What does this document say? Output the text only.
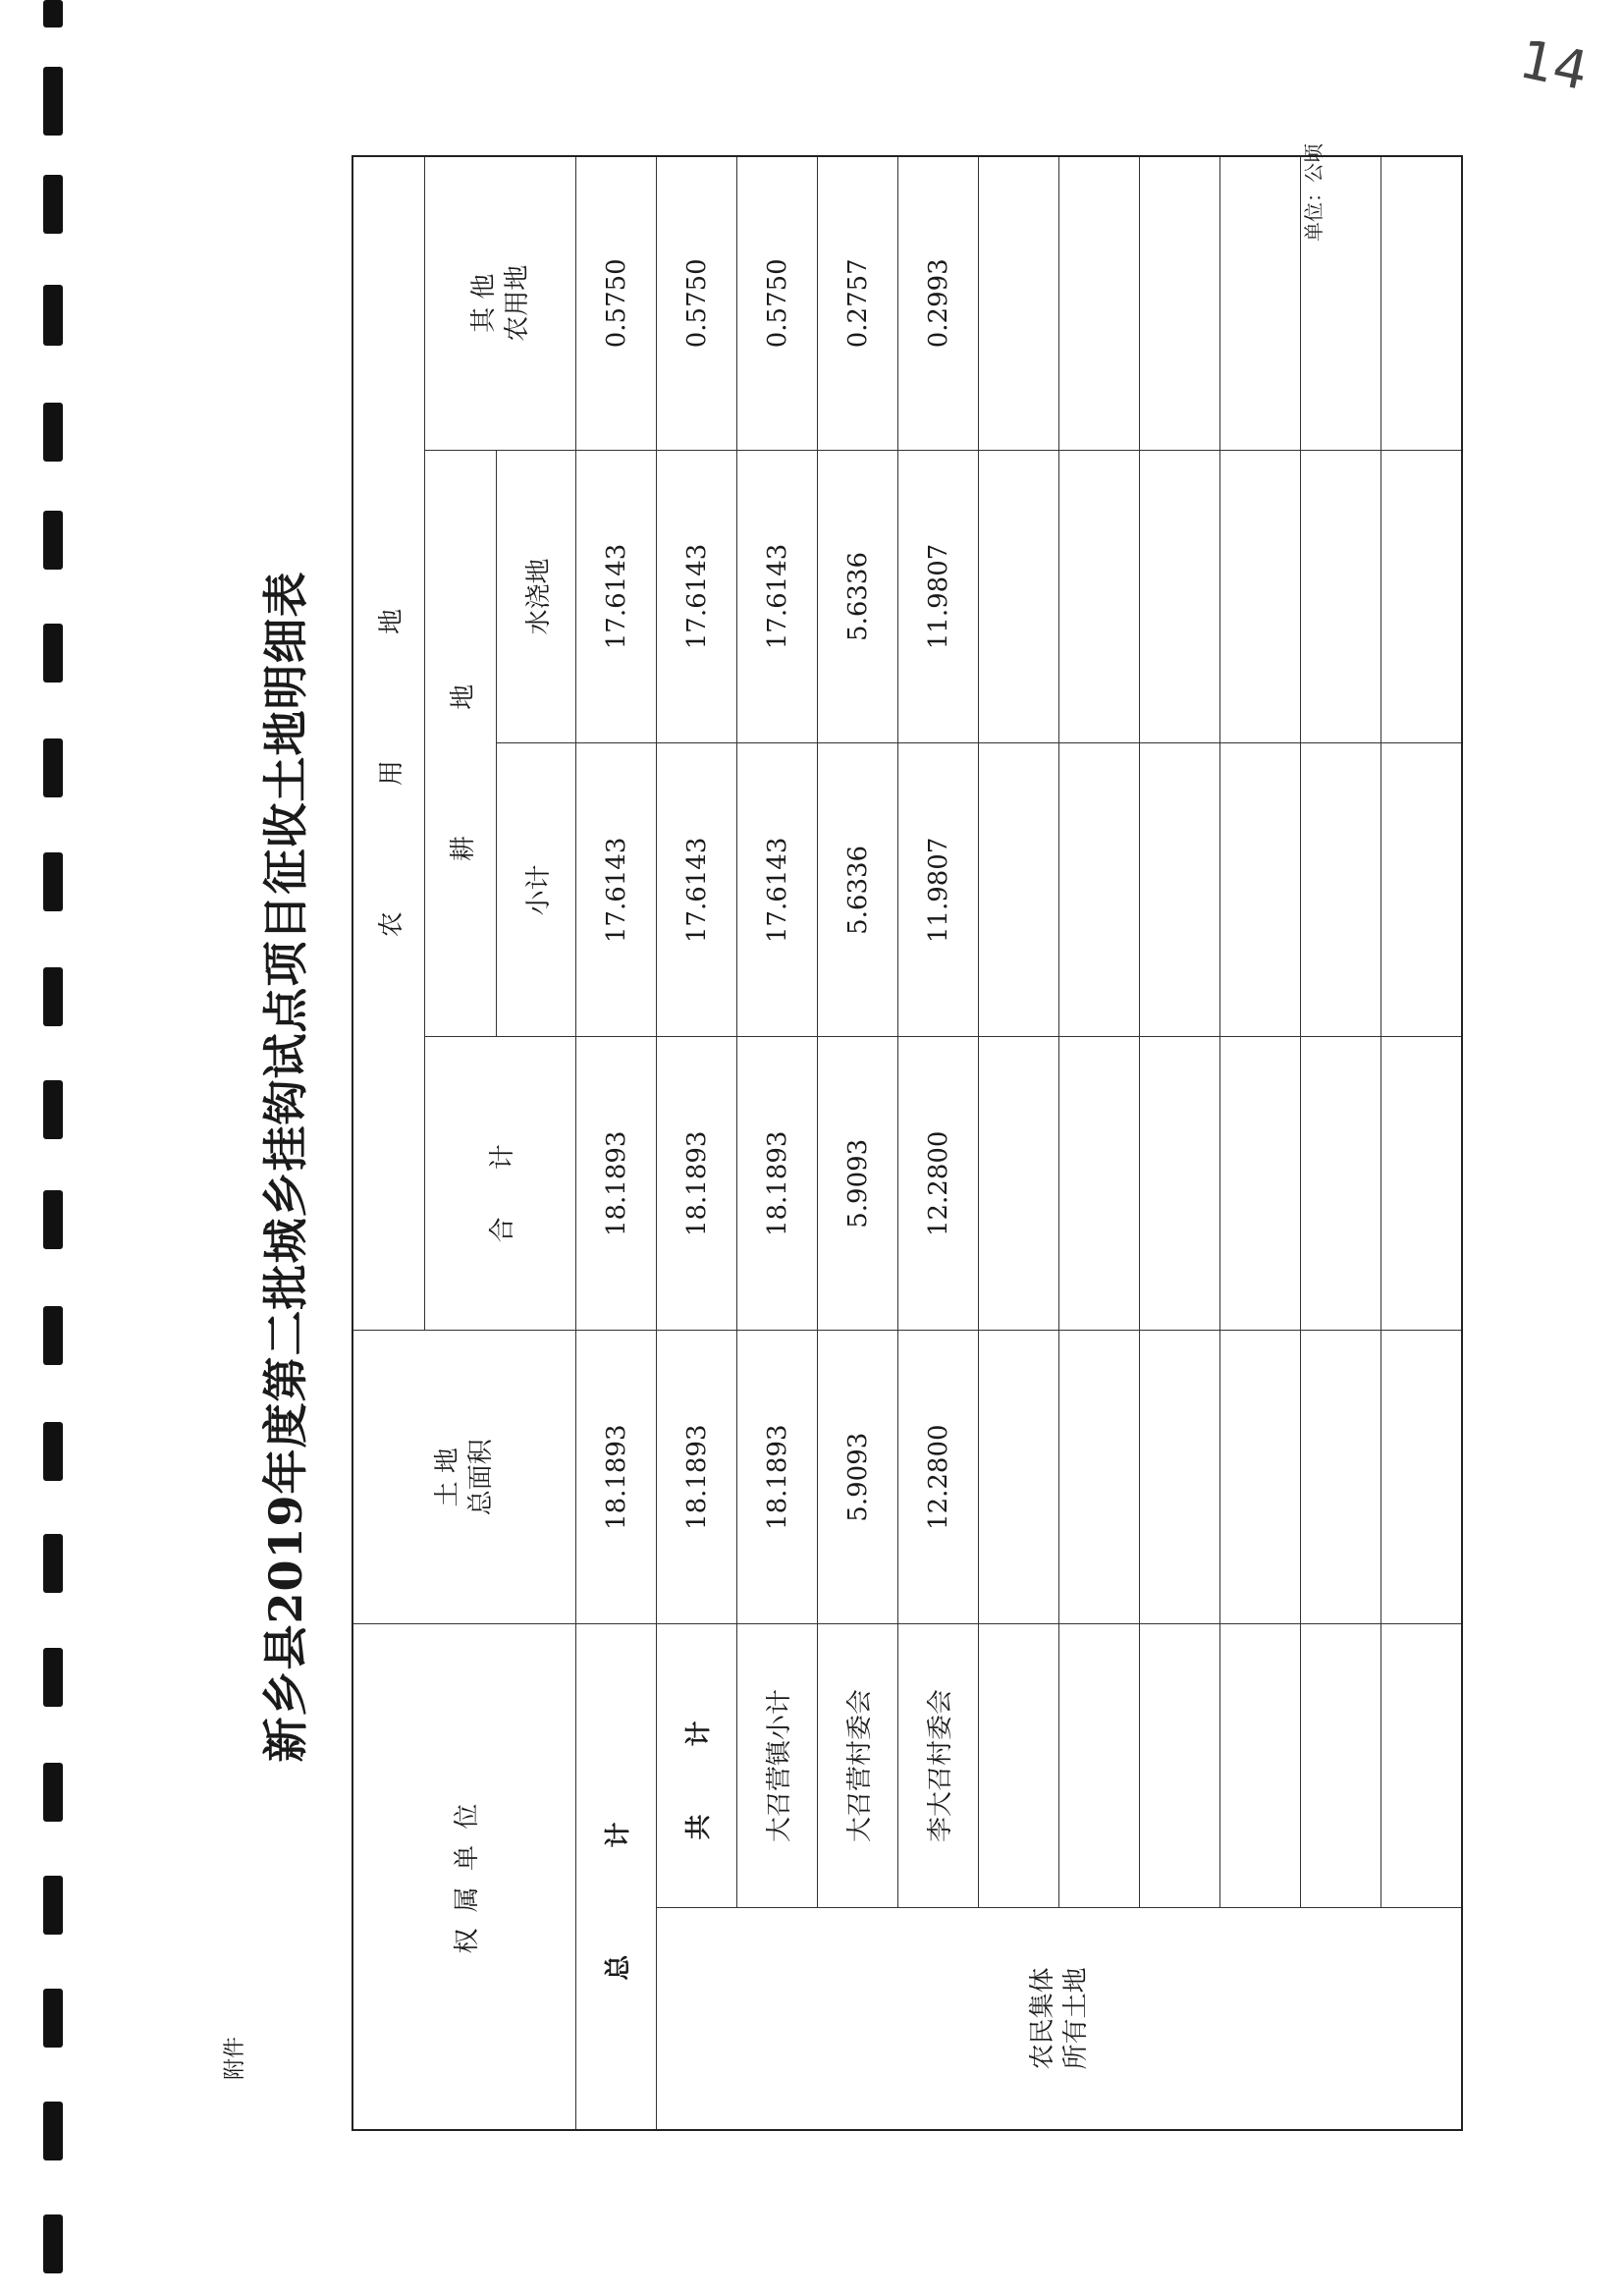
14
附件
新乡县2019年度第二批城乡挂钩试点项目征收土地明细表
单位：公顷
权 属 单 位		土 地
总面积	农 用 地			
			合 计	耕 地		其 他
农用地
				小计	水浇地	
总 计		18.1893	18.1893	17.6143	17.6143	0.5750
农民集体
所有土地	共 计	18.1893	18.1893	17.6143	17.6143	0.5750
	大召营镇小计	18.1893	18.1893	17.6143	17.6143	0.5750
	大召营村委会	5.9093	5.9093	5.6336	5.6336	0.2757
	李大召村委会	12.2800	12.2800	11.9807	11.9807	0.2993
